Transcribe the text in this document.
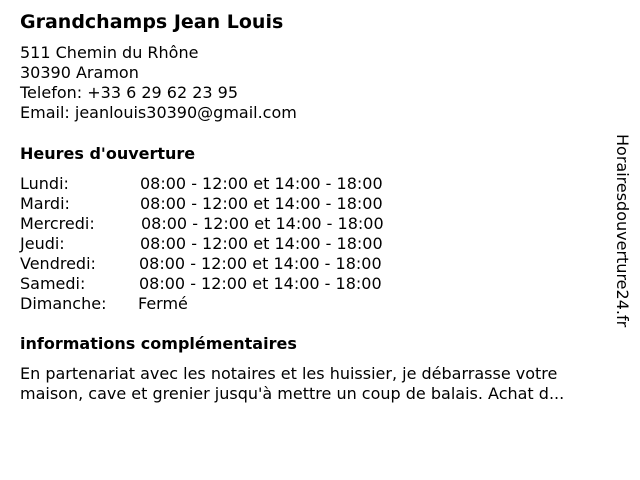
Grandchamps Jean Louis
511 Chemin du Rhône
30390 Aramon
Telefon: +33 6 29 62 23 95
Email: jeanlouis30390@gmail.com
Heures d'ouverture
Lundi:	08:00 - 12:00 et 14:00 - 18:00
Mardi:	08:00 - 12:00 et 14:00 - 18:00
Mercredi:	08:00 - 12:00 et 14:00 - 18:00
Jeudi:	08:00 - 12:00 et 14:00 - 18:00
Vendredi:	08:00 - 12:00 et 14:00 - 18:00
Samedi:	08:00 - 12:00 et 14:00 - 18:00
Dimanche: Fermé
informations complémentaires
En partenariat avec les notaires et les huissier, je débarrasse votre maison, cave et grenier jusqu'à mettre un coup de balais. Achat d...
Horairesdouverture24.fr
